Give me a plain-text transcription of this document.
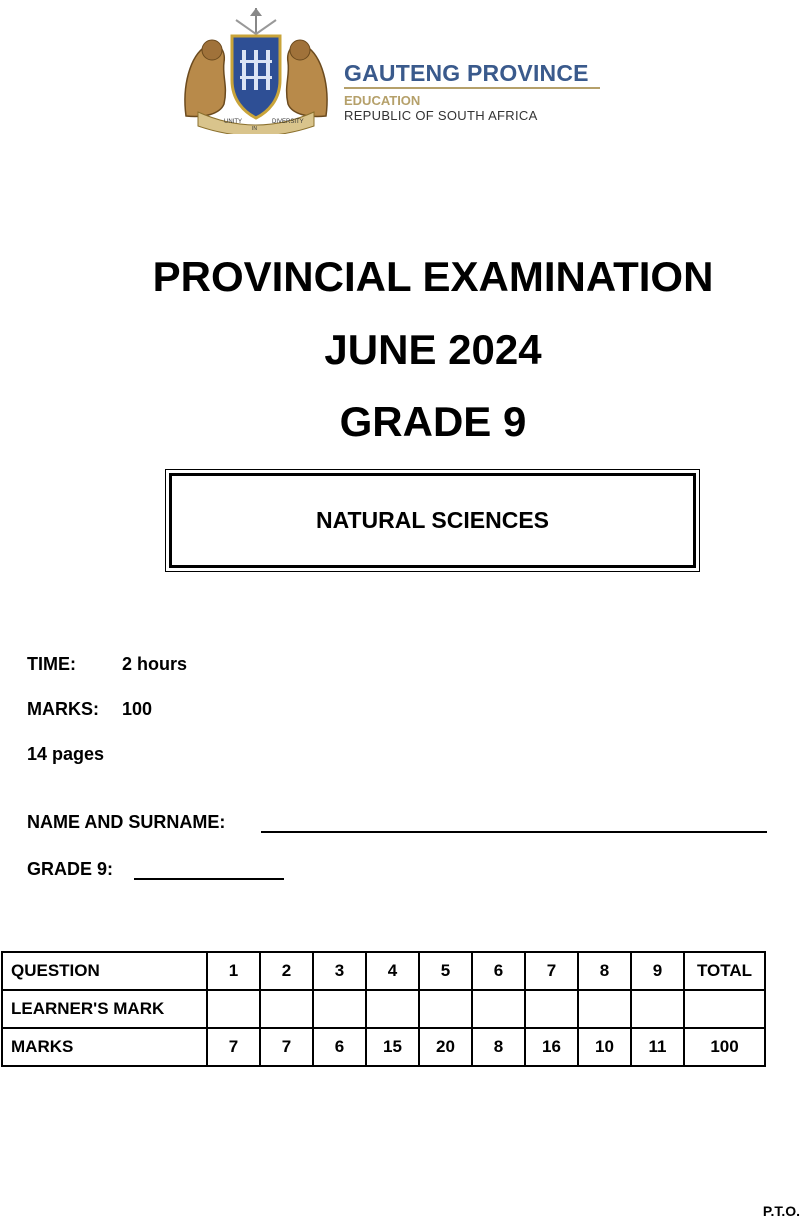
UNITY
IN
DIVERSITY
GAUTENG PROVINCE
EDUCATION
REPUBLIC OF SOUTH AFRICA
PROVINCIAL EXAMINATION
JUNE 2024
GRADE 9
NATURAL SCIENCES
TIME:	2 hours
MARKS: 100
14 pages
NAME AND SURNAME:
GRADE 9:
QUESTION	1	2	3	4	5	6	7	8	9	TOTAL
LEARNER'S MARK										
MARKS	7	7	6	15	20	8	16	10	11	100
P.T.O.
